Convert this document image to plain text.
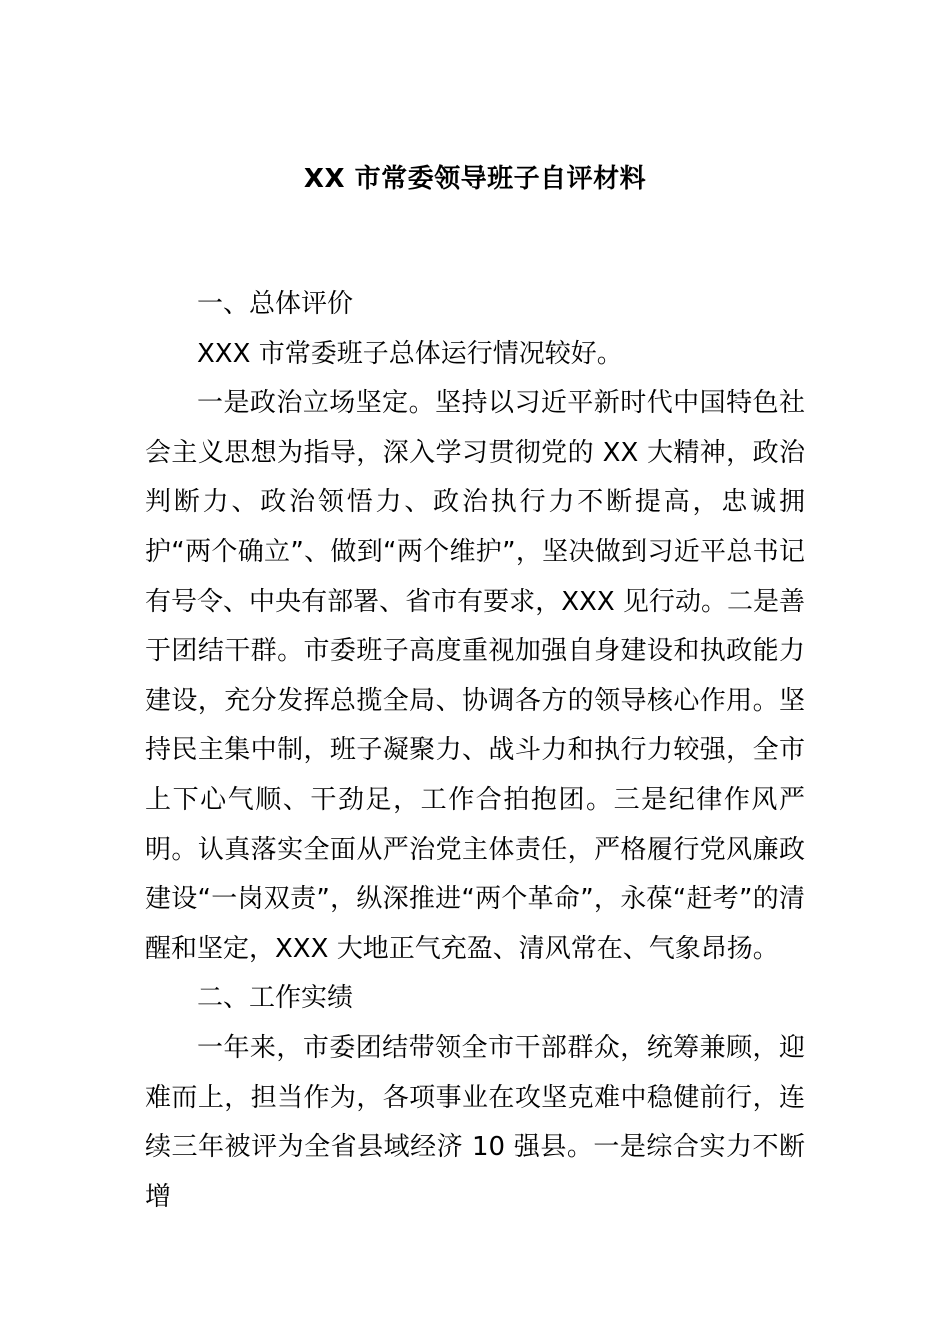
XX 市常委领导班子自评材料

一、总体评价

XXX 市常委班子总体运行情况较好。

一是政治立场坚定。坚持以习近平新时代中国特色社会主义思想为指导，深入学习贯彻党的 XX 大精神，政治判断力、政治领悟力、政治执行力不断提高，忠诚拥护“两个确立”、做到“两个维护”，坚决做到习近平总书记有号令、中央有部署、省市有要求，XXX 见行动。二是善于团结干群。市委班子高度重视加强自身建设和执政能力建设，充分发挥总揽全局、协调各方的领导核心作用。坚持民主集中制，班子凝聚力、战斗力和执行力较强，全市上下心气顺、干劲足，工作合拍抱团。三是纪律作风严明。认真落实全面从严治党主体责任，严格履行党风廉政建设“一岗双责”，纵深推进“两个革命”，永葆“赶考”的清醒和坚定，XXX 大地正气充盈、清风常在、气象昂扬。

二、工作实绩

一年来，市委团结带领全市干部群众，统筹兼顾，迎难而上，担当作为，各项事业在攻坚克难中稳健前行，连续三年被评为全省县域经济 10 强县。一是综合实力不断增
